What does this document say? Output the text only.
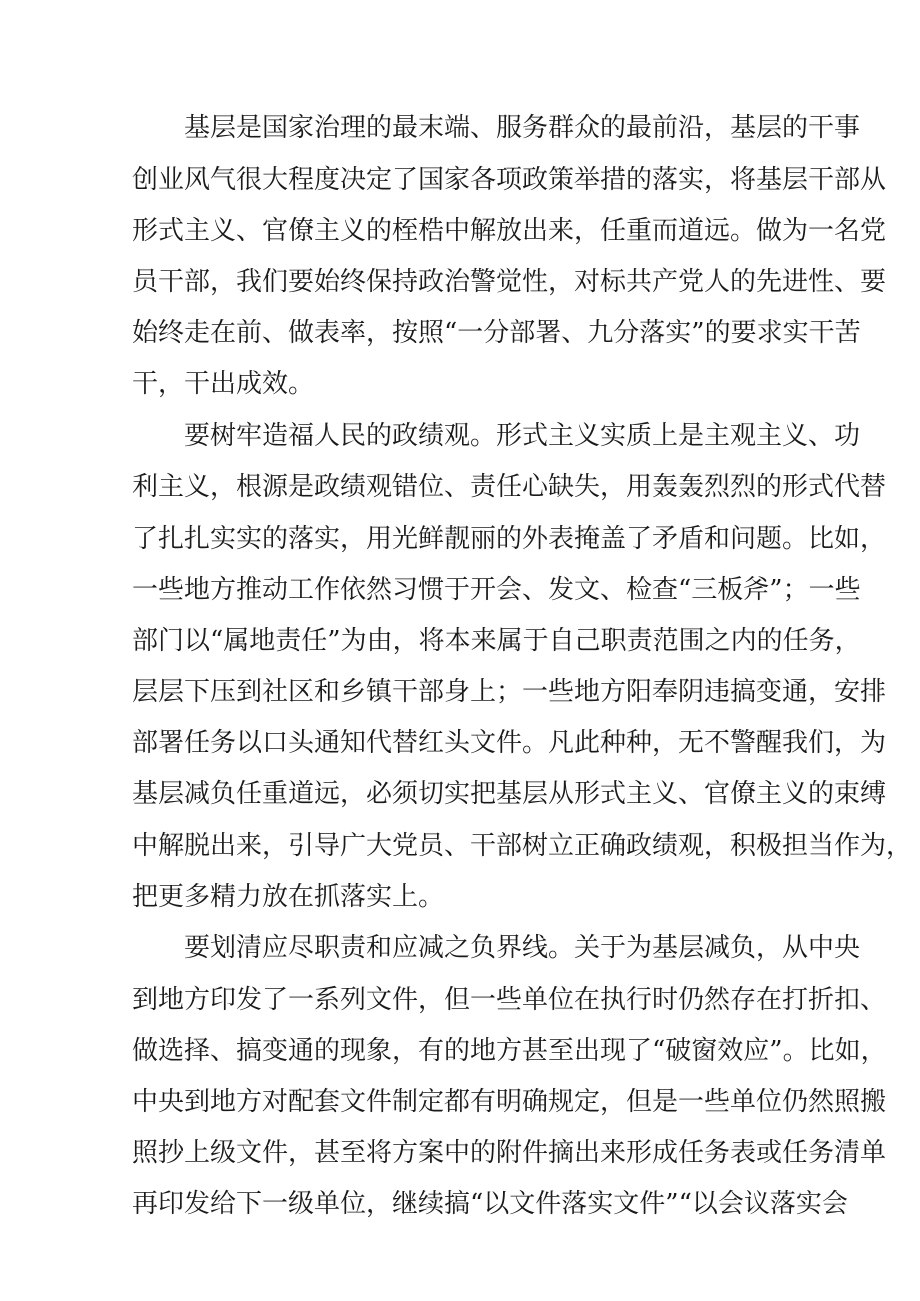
基层是国家治理的最末端、服务群众的最前沿，基层的干事

创业风气很大程度决定了国家各项政策举措的落实，将基层干部从

形式主义、官僚主义的桎梏中解放出来，任重而道远。做为一名党

员干部，我们要始终保持政治警觉性，对标共产党人的先进性、要

始终走在前、做表率，按照“一分部署、九分落实”的要求实干苦

干，干出成效。

要树牢造福人民的政绩观。形式主义实质上是主观主义、功

利主义，根源是政绩观错位、责任心缺失，用轰轰烈烈的形式代替

了扎扎实实的落实，用光鲜靓丽的外表掩盖了矛盾和问题。比如，

一些地方推动工作依然习惯于开会、发文、检查“三板斧”；一些

部门以“属地责任”为由，将本来属于自己职责范围之内的任务，

层层下压到社区和乡镇干部身上；一些地方阳奉阴违搞变通，安排

部署任务以口头通知代替红头文件。凡此种种，无不警醒我们，为

基层减负任重道远，必须切实把基层从形式主义、官僚主义的束缚

中解脱出来，引导广大党员、干部树立正确政绩观，积极担当作为，

把更多精力放在抓落实上。

要划清应尽职责和应减之负界线。关于为基层减负，从中央

到地方印发了一系列文件，但一些单位在执行时仍然存在打折扣、

做选择、搞变通的现象，有的地方甚至出现了“破窗效应”。比如，

中央到地方对配套文件制定都有明确规定，但是一些单位仍然照搬

照抄上级文件，甚至将方案中的附件摘出来形成任务表或任务清单

再印发给下一级单位，继续搞“以文件落实文件”“以会议落实会
